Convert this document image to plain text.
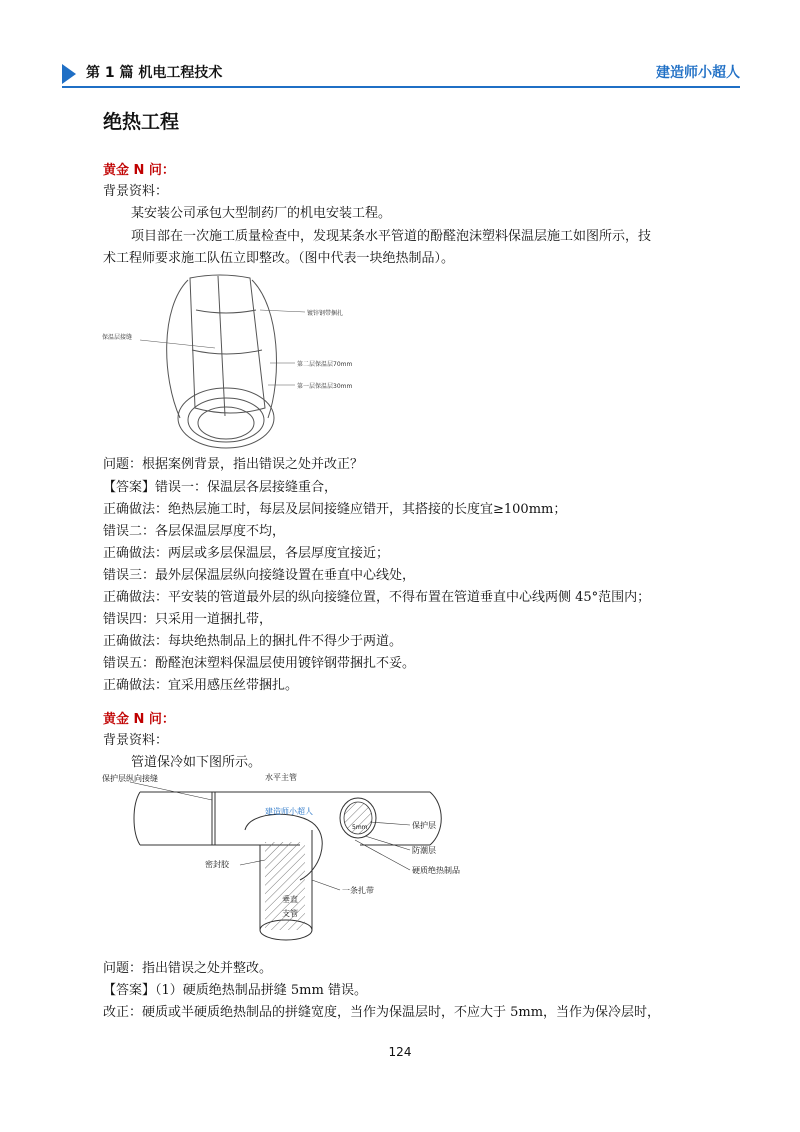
第 1 篇 机电工程技术	建造师小超人
绝热工程
黄金 N 问：
背景资料：
某安装公司承包大型制药厂的机电安装工程。
项目部在一次施工质量检查中，发现某条水平管道的酚醛泡沫塑料保温层施工如图所示，技
术工程师要求施工队伍立即整改。（图中代表一块绝热制品）。
镀锌钢带捆扎
保温层接缝
第二层保温层70mm
第一层保温层30mm
问题：根据案例背景，指出错误之处并改正？
【答案】错误一：保温层各层接缝重合，
正确做法：绝热层施工时，每层及层间接缝应错开，其搭接的长度宜≥100mm；
错误二：各层保温层厚度不均，
正确做法：两层或多层保温层，各层厚度宜接近；
错误三：最外层保温层纵向接缝设置在垂直中心线处，
正确做法：平安装的管道最外层的纵向接缝位置，不得布置在管道垂直中心线两侧 45°范围内；
错误四：只采用一道捆扎带，
正确做法：每块绝热制品上的捆扎件不得少于两道。
错误五：酚醛泡沫塑料保温层使用镀锌钢带捆扎不妥。
正确做法：宜采用感压丝带捆扎。
黄金 N 问：
背景资料：
管道保冷如下图所示。
保护层纵向接缝	水平主管
建造师小超人
5mm	保护层
防潮层
硬质绝热制品
密封胶
垂直
支管
一条扎带
问题：指出错误之处并整改。
【答案】（1）硬质绝热制品拼缝 5mm 错误。
改正：硬质或半硬质绝热制品的拼缝宽度，当作为保温层时，不应大于 5mm，当作为保冷层时，
124
